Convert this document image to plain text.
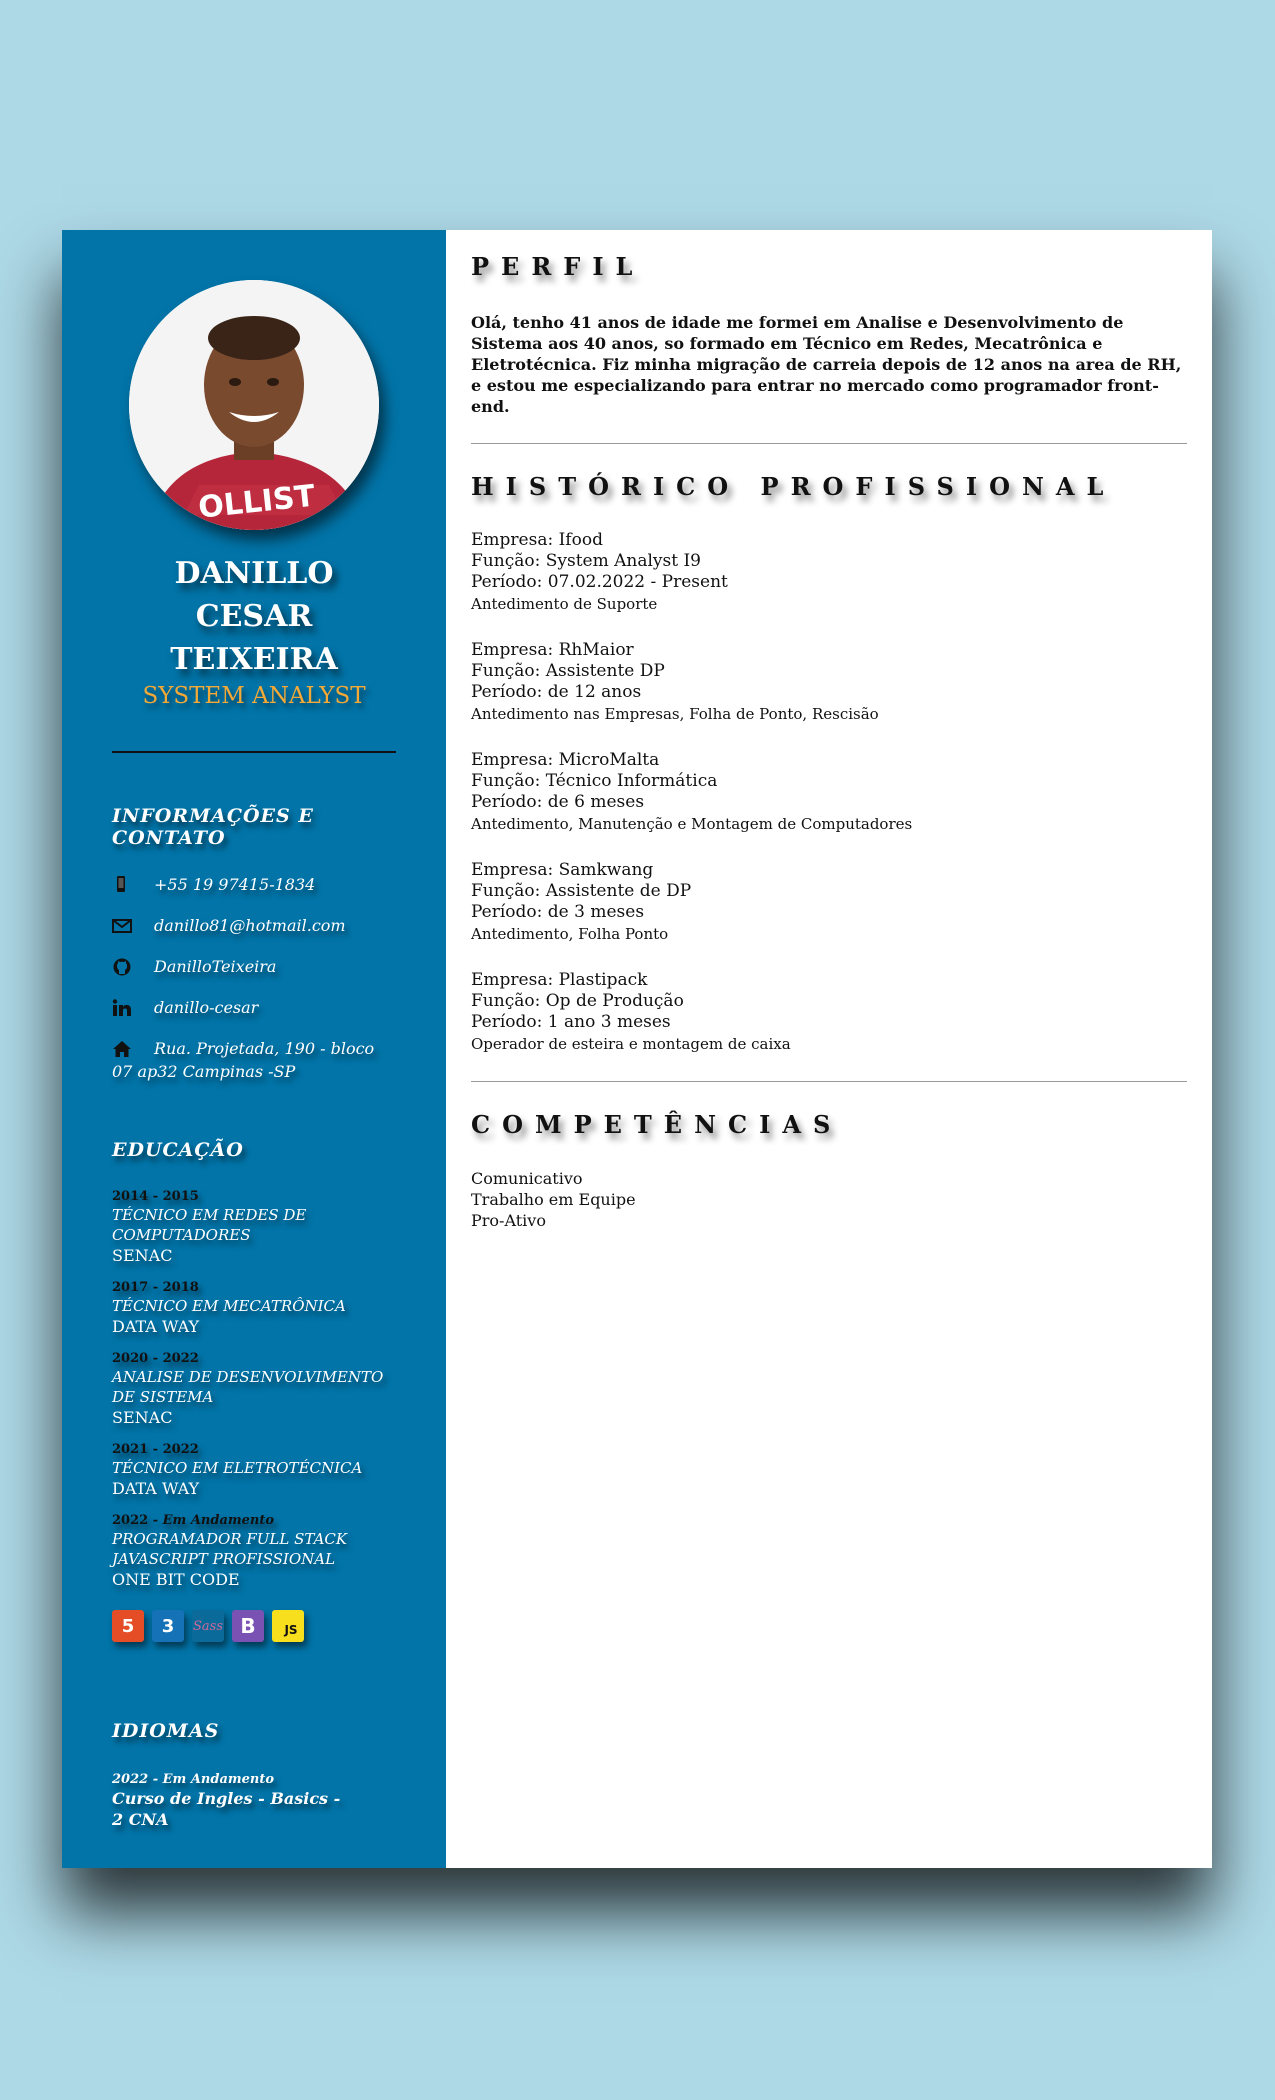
OLLIST
DANILLO CESAR TEIXEIRA
SYSTEM ANALYST
INFORMAÇÕES E CONTATO
+55 19 97415-1834
danillo81@hotmail.com
DanilloTeixeira
danillo-cesar
Rua. Projetada, 190 - bloco 07 ap32 Campinas -SP
EDUCAÇÃO
2014 - 2015
TÉCNICO EM REDES DE COMPUTADORES
SENAC
2017 - 2018
TÉCNICO EM MECATRÔNICA
DATA WAY
2020 - 2022
ANALISE DE DESENVOLVIMENTO DE SISTEMA
SENAC
2021 - 2022
TÉCNICO EM ELETROTÉCNICA
DATA WAY
2022 - Em Andamento
PROGRAMADOR FULL STACK JAVASCRIPT PROFISSIONAL
ONE BIT CODE
5 3 Sass B JS
IDIOMAS
2022 - Em Andamento
Curso de Ingles - Basics - 2 CNA
PERFIL

Olá, tenho 41 anos de idade me formei em Analise e Desenvolvimento de Sistema aos 40 anos, so formado em Técnico em Redes, Mecatrônica e Eletrotécnica. Fiz minha migração de carreia depois de 12 anos na area de RH, e estou me especializando para entrar no mercado como programador front-end.

HISTÓRICO PROFISSIONAL
Empresa: Ifood
Função: System Analyst I9
Período: 07.02.2022 - Present
Antedimento de Suporte
Empresa: RhMaior
Função: Assistente DP
Período: de 12 anos
Antedimento nas Empresas, Folha de Ponto, Rescisão
Empresa: MicroMalta
Função: Técnico Informática
Período: de 6 meses
Antedimento, Manutenção e Montagem de Computadores
Empresa: Samkwang
Função: Assistente de DP
Período: de 3 meses
Antedimento, Folha Ponto
Empresa: Plastipack
Função: Op de Produção
Período: 1 ano 3 meses
Operador de esteira e montagem de caixa
COMPETÊNCIAS
Comunicativo
Trabalho em Equipe
Pro-Ativo
